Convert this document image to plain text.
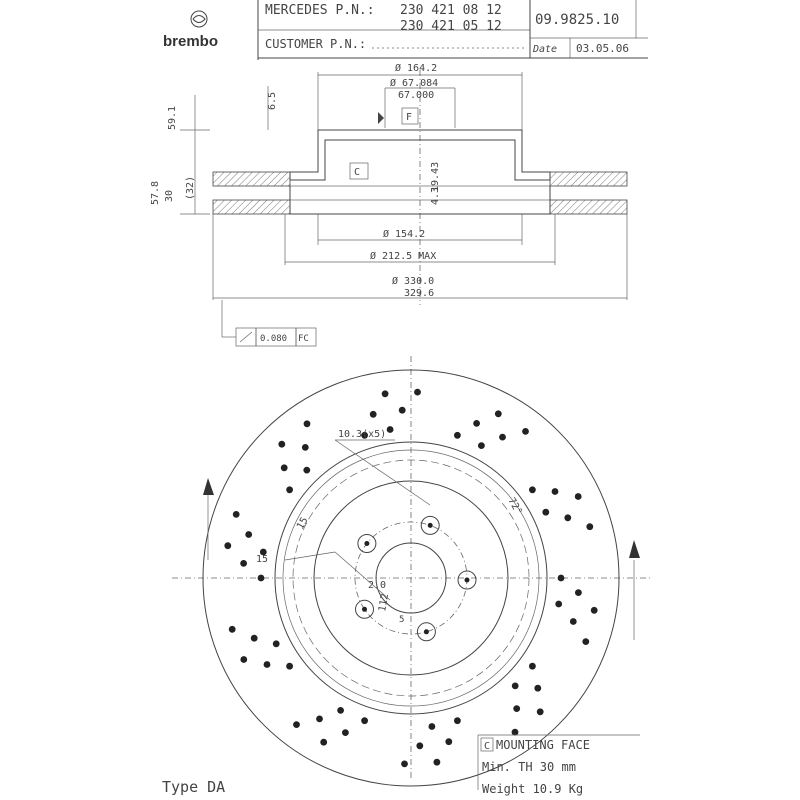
brembo
MERCEDES P.N.: 230 421 08 12
230 421 05 12
CUSTOMER P.N.:
09.9825.10
Date 03.05.06
Ø 164.2
Ø 67.084
67.000
F
C
59.1
57.8 30 (32)
6.5
19.43
4.3
Ø 154.2
Ø 212.5 MAX
Ø 330.0
329.6
0.080 FC
10.3(x5)
112
15
15
2.0
72°
5
C MOUNTING FACE
Min. TH 30 mm
Weight 10.9 Kg
Type DA
